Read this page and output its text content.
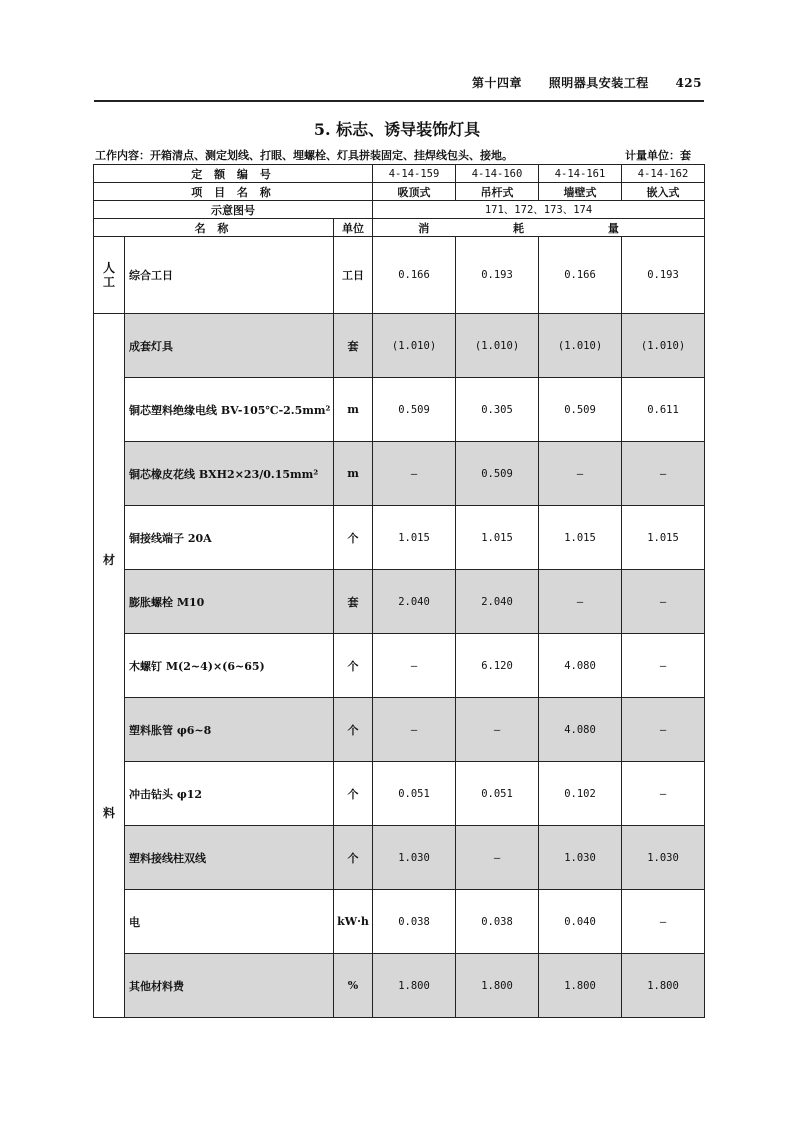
第十四章 照明器具安装工程 425
5. 标志、诱导装饰灯具
工作内容：开箱清点、测定划线、打眼、埋螺栓、灯具拼装固定、挂焊线包头、接地。	计量单位：套
定 额 编 号			4-14-159	4-14-160	4-14-161	4-14-162
项 目 名 称			吸顶式	吊杆式	墙壁式	嵌入式
示意图号			171、172、173、174			
名 称		单位	消 耗 量			
人
工	综合工日	工日	0.166	0.193	0.166	0.193

材
料	成套灯具	套	(1.010)	(1.010)	(1.010)	(1.010)
	铜芯塑料绝缘电线 BV-105℃-2.5mm²	m	0.509	0.305	0.509	0.611
	铜芯橡皮花线 BXH2×23/0.15mm²	m	—	0.509	—	—
	铜接线端子 20A	个	1.015	1.015	1.015	1.015
	膨胀螺栓 M10	套	2.040	2.040	—	—
	木螺钉 M(2~4)×(6~65)	个	—	6.120	4.080	—
	塑料胀管 φ6~8	个	—	—	4.080	—
	冲击钻头 φ12	个	0.051	0.051	0.102	—
	塑料接线柱双线	个	1.030	—	1.030	1.030
	电	kW·h	0.038	0.038	0.040	—
	其他材料费	%	1.800	1.800	1.800	1.800
